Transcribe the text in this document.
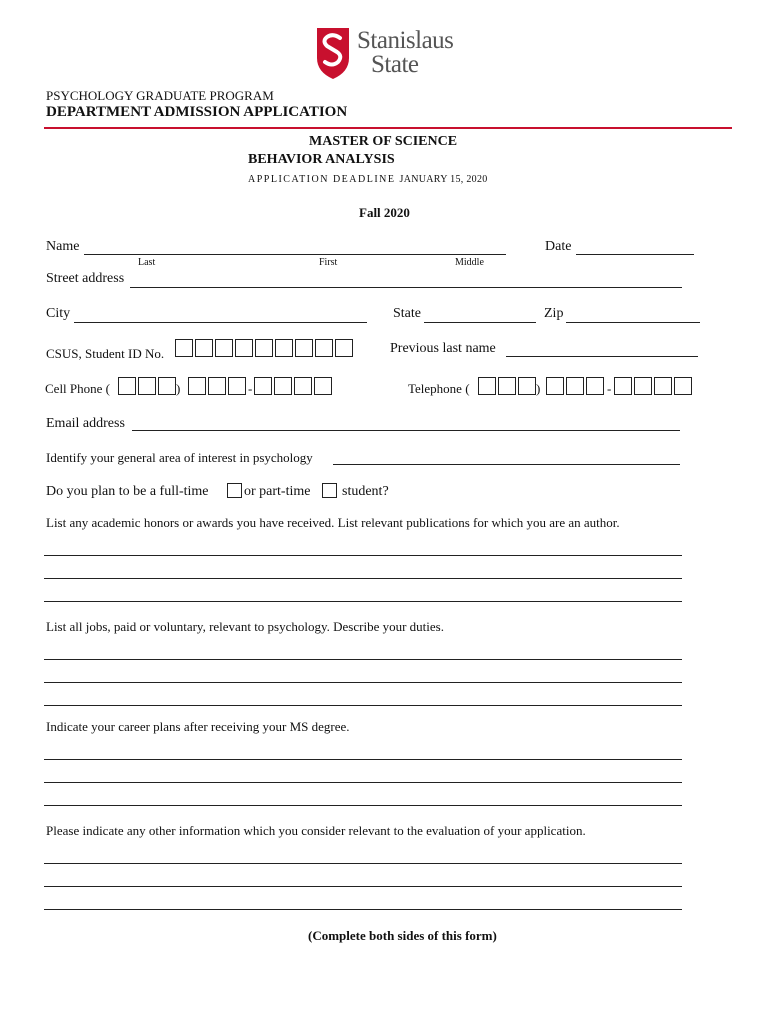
Stanislaus
State
PSYCHOLOGY GRADUATE PROGRAM
DEPARTMENT ADMISSION APPLICATION
MASTER OF SCIENCE
BEHAVIOR ANALYSIS
APPLICATION DEADLINE JANUARY 15, 2020
Fall 2020
Name
Last	First	Middle
Date
Street address
City	State	Zip
CSUS, Student ID No.	Previous last name
Cell Phone (	)	-	Telephone (	)	-
Email address
Identify your general area of interest in psychology
Do you plan to be a full-time	or part-time student?
List any academic honors or awards you have received. List relevant publications for which you are an author.
List all jobs, paid or voluntary, relevant to psychology. Describe your duties.
Indicate your career plans after receiving your MS degree.
Please indicate any other information which you consider relevant to the evaluation of your application.
(Complete both sides of this form)
